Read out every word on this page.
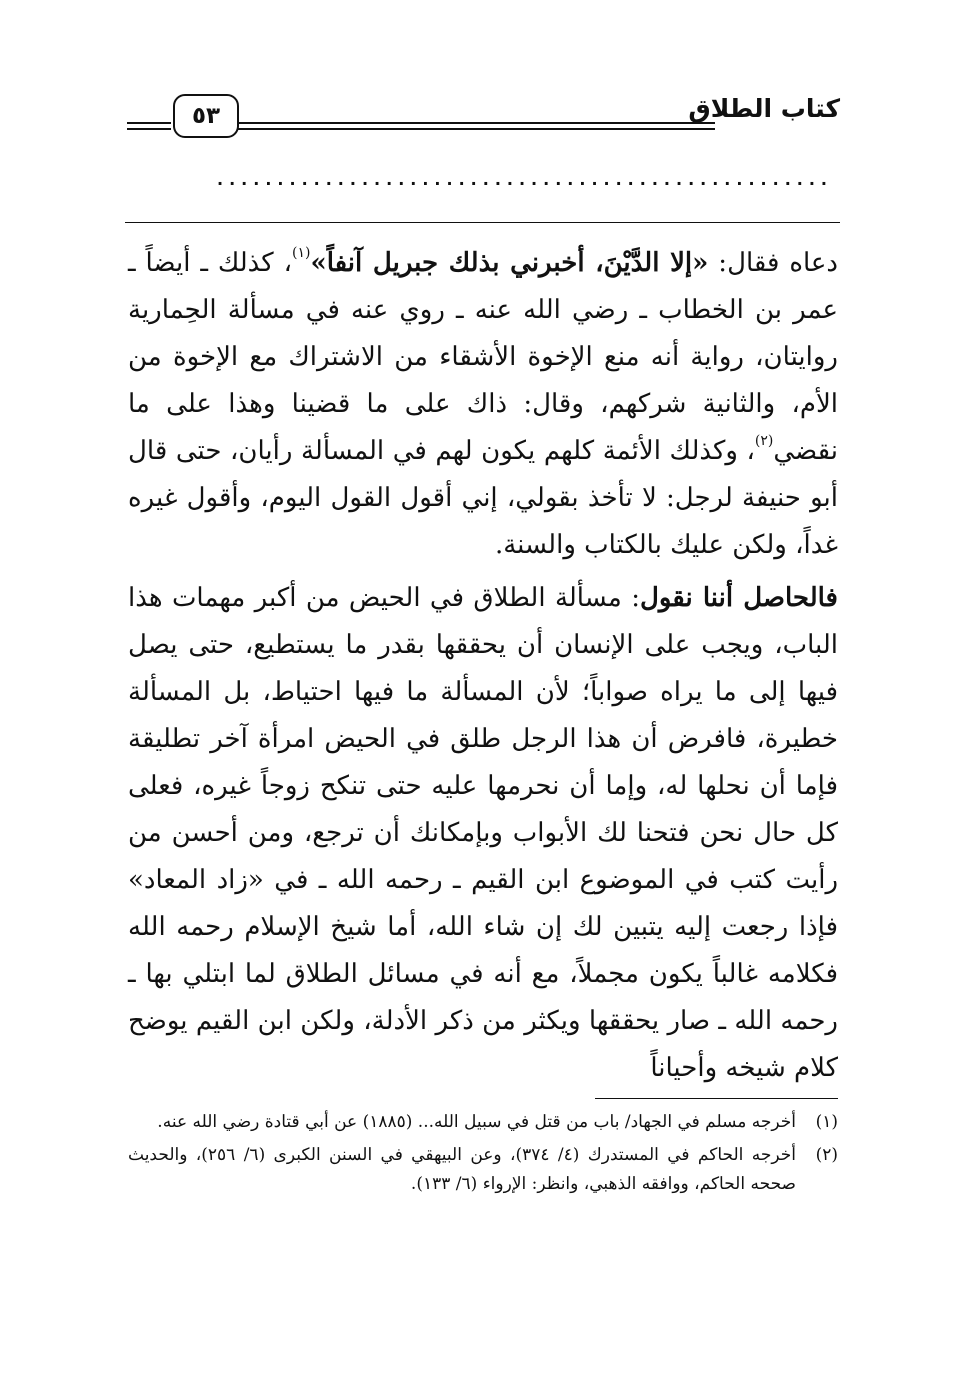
كتاب الطلاق
٥٣
...................................................

دعاه فقال: «إلا الدَّيْنَ، أخبرني بذلك جبريل آنفاً»$^{(١)}$، كذلك ـ أيضاً ـ عمر بن الخطاب ـ رضي الله عنه ـ روي عنه في مسألة الحِمارية روايتان، رواية أنه منع الإخوة الأشقاء من الاشتراك مع الإخوة من الأم، والثانية شركهم، وقال: ذاك على ما قضينا وهذا على ما نقضي$^{(٢)}$، وكذلك الأئمة كلهم يكون لهم في المسألة رأيان، حتى قال أبو حنيفة لرجل: لا تأخذ بقولي، إني أقول القول اليوم، وأقول غيره غداً، ولكن عليك بالكتاب والسنة.

فالحاصل أننا نقول: مسألة الطلاق في الحيض من أكبر مهمات هذا الباب، ويجب على الإنسان أن يحققها بقدر ما يستطيع، حتى يصل فيها إلى ما يراه صواباً؛ لأن المسألة ما فيها احتياط، بل المسألة خطيرة، فافرض أن هذا الرجل طلق في الحيض امرأة آخر تطليقة فإما أن نحلها له، وإما أن نحرمها عليه حتى تنكح زوجاً غيره، فعلى كل حال نحن فتحنا لك الأبواب وبإمكانك أن ترجع، ومن أحسن من رأيت كتب في الموضوع ابن القيم ـ رحمه الله ـ في «زاد المعاد» فإذا رجعت إليه يتبين لك إن شاء الله، أما شيخ الإسلام رحمه الله فكلامه غالباً يكون مجملاً، مع أنه في مسائل الطلاق لما ابتلي بها ـ رحمه الله ـ صار يحققها ويكثر من ذكر الأدلة، ولكن ابن القيم يوضح كلام شيخه وأحياناً

(١)
أخرجه مسلم في الجهاد/ باب من قتل في سبيل الله... (١٨٨٥) عن أبي قتادة رضي الله عنه.
(٢)
أخرجه الحاكم في المستدرك (٤/ ٣٧٤)، وعن البيهقي في السنن الكبرى (٦/ ٢٥٦)، والحديث صححه الحاكم، ووافقه الذهبي، وانظر: الإرواء (٦/ ١٣٣).
